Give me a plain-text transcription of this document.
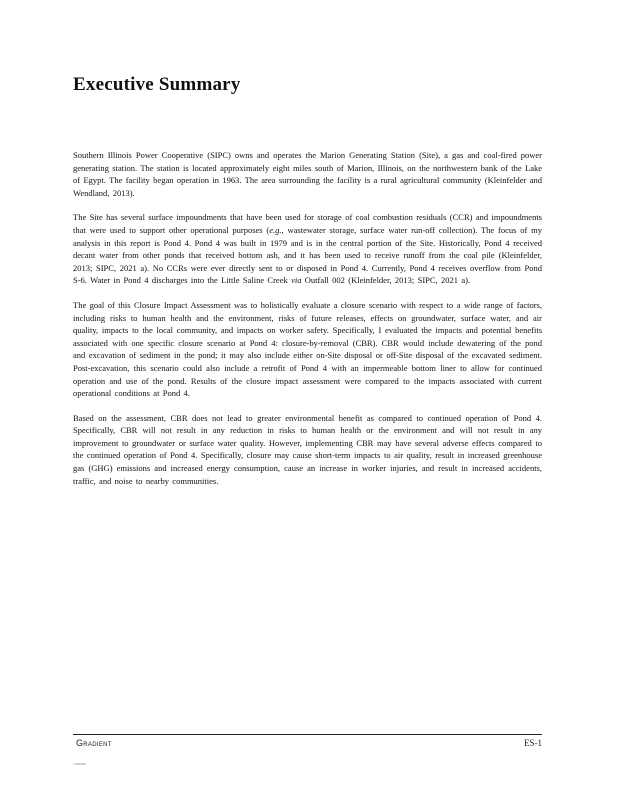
Executive Summary

Southern Illinois Power Cooperative (SIPC) owns and operates the Marion Generating Station (Site), a gas and coal-fired power generating station. The station is located approximately eight miles south of Marion, Illinois, on the northwestern bank of the Lake of Egypt. The facility began operation in 1963. The area surrounding the facility is a rural agricultural community (Kleinfelder and Wendland, 2013).

The Site has several surface impoundments that have been used for storage of coal combustion residuals (CCR) and impoundments that were used to support other operational purposes (e.g., wastewater storage, surface water run-off collection). The focus of my analysis in this report is Pond 4. Pond 4 was built in 1979 and is in the central portion of the Site. Historically, Pond 4 received decant water from other ponds that received bottom ash, and it has been used to receive runoff from the coal pile (Kleinfelder, 2013; SIPC, 2021 a). No CCRs were ever directly sent to or disposed in Pond 4. Currently, Pond 4 receives overflow from Pond S-6. Water in Pond 4 discharges into the Little Saline Creek via Outfall 002 (Kleinfelder, 2013; SIPC, 2021 a).

The goal of this Closure Impact Assessment was to holistically evaluate a closure scenario with respect to a wide range of factors, including risks to human health and the environment, risks of future releases, effects on groundwater, surface water, and air quality, impacts to the local community, and impacts on worker safety. Specifically, I evaluated the impacts and potential benefits associated with one specific closure scenario at Pond 4: closure-by-removal (CBR). CBR would include dewatering of the pond and excavation of sediment in the pond; it may also include either on-Site disposal or off-Site disposal of the excavated sediment. Post-excavation, this scenario could also include a retrofit of Pond 4 with an impermeable bottom liner to allow for continued operation and use of the pond. Results of the closure impact assessment were compared to the impacts associated with current operational conditions at Pond 4.

Based on the assessment, CBR does not lead to greater environmental benefit as compared to continued operation of Pond 4. Specifically, CBR will not result in any reduction in risks to human health or the environment and will not result in any improvement to groundwater or surface water quality. However, implementing CBR may have several adverse effects compared to the continued operation of Pond 4. Specifically, closure may cause short-term impacts to air quality, result in increased greenhouse gas (GHG) emissions and increased energy consumption, cause an increase in worker injuries, and result in increased accidents, traffic, and noise to nearby communities.

Gradient	ES-1
r72806b
